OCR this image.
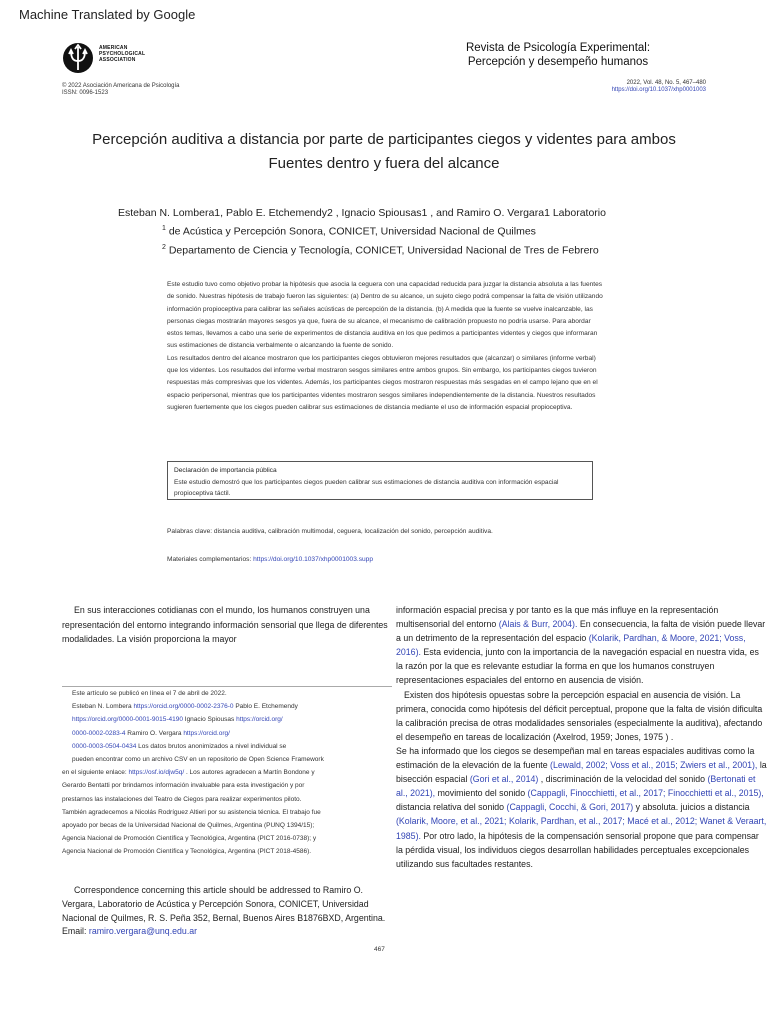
Machine Translated by Google
AMERICAN
PSYCHOLOGICAL
ASSOCIATION
Revista de Psicología Experimental:
Percepción y desempeño humanos
© 2022 Asociación Americana de Psicología
ISSN: 0096-1523
2022, Vol. 48, No. 5, 467–480
https://doi.org/10.1037/xhp0001003
Percepción auditiva a distancia por parte de participantes ciegos y videntes para ambos
Fuentes dentro y fuera del alcance
Esteban N. Lombera1, Pablo E. Etchemendy2 , Ignacio Spiousas1 , and Ramiro O. Vergara1 Laboratorio
$^1$ de Acústica y Percepción Sonora, CONICET, Universidad Nacional de Quilmes
$^2$ Departamento de Ciencia y Tecnología, CONICET, Universidad Nacional de Tres de Febrero

Este estudio tuvo como objetivo probar la hipótesis que asocia la ceguera con una capacidad reducida para juzgar la distancia absoluta a las fuentes de sonido. Nuestras hipótesis de trabajo fueron las siguientes: (a) Dentro de su alcance, un sujeto ciego podrá compensar la falta de visión utilizando información propioceptiva para calibrar las señales acústicas de percepción de la distancia. (b) A medida que la fuente se vuelve inalcanzable, las personas ciegas mostrarán mayores sesgos ya que, fuera de su alcance, el mecanismo de calibración propuesto no podría usarse. Para abordar estos temas, llevamos a cabo una serie de experimentos de distancia auditiva en los que pedimos a participantes videntes y ciegos que informaran sus estimaciones de distancia verbalmente o alcanzando la fuente de sonido.

Los resultados dentro del alcance mostraron que los participantes ciegos obtuvieron mejores resultados que (alcanzar) o similares (informe verbal) que los videntes. Los resultados del informe verbal mostraron sesgos similares entre ambos grupos. Sin embargo, los participantes ciegos tuvieron respuestas más compresivas que los videntes. Además, los participantes ciegos mostraron respuestas más sesgadas en el campo lejano que en el espacio peripersonal, mientras que los participantes videntes mostraron sesgos similares independientemente de la distancia. Nuestros resultados sugieren fuertemente que los ciegos pueden calibrar sus estimaciones de distancia mediante el uso de información espacial propioceptiva.

Declaración de importancia pública
Este estudio demostró que los participantes ciegos pueden calibrar sus estimaciones de distancia auditiva con información espacial propioceptiva táctil.
Palabras clave: distancia auditiva, calibración multimodal, ceguera, localización del sonido, percepción auditiva.
Materiales complementarios: https://doi.org/10.1037/xhp0001003.supp

En sus interacciones cotidianas con el mundo, los humanos construyen una representación del entorno integrando información sensorial que llega de diferentes modalidades. La visión proporciona la mayor

Este artículo se publicó en línea el 7 de abril de 2022.
Esteban N. Lombera https://orcid.org/0000-0002-2376-0 Pablo E. Etchemendy
https://orcid.org/0000-0001-9015-4190 Ignacio Spiousas https://orcid.org/
0000-0002-0283-4 Ramiro O. Vergara https://orcid.org/
0000-0003-0504-0434 Los datos brutos anonimizados a nivel individual se
pueden encontrar como un archivo CSV en un repositorio de Open Science Framework
en el siguiente enlace: https://osf.io/djw5q/ . Los autores agradecen a Martín Bondone y
Gerardo Bentatti por brindarnos información invaluable para esta investigación y por
prestarnos las instalaciones del Teatro de Ciegos para realizar experimentos piloto.
También agradecemos a Nicolás Rodríguez Altieri por su asistencia técnica. El trabajo fue
apoyado por becas de la Universidad Nacional de Quilmes, Argentina (PUNQ 1394/15);
Agencia Nacional de Promoción Científica y Tecnológica, Argentina (PICT 2016-0738); y
Agencia Nacional de Promoción Científica y Tecnológica, Argentina (PICT 2018-4586).

Correspondence concerning this article should be addressed to Ramiro O. Vergara, Laboratorio de Acústica y Percepción Sonora, CONICET, Universidad Nacional de Quilmes, R. S. Peña 352, Bernal, Buenos Aires B1876BXD, Argentina. Email: ramiro.vergara@unq.edu.ar

información espacial precisa y por tanto es la que más influye en la representación multisensorial del entorno (Alais & Burr, 2004). En consecuencia, la falta de visión puede llevar a un detrimento de la representación del espacio (Kolarik, Pardhan, & Moore, 2021; Voss, 2016). Esta evidencia, junto con la importancia de la navegación espacial en nuestra vida, es la razón por la que es relevante estudiar la forma en que los humanos construyen representaciones espaciales del entorno en ausencia de visión.

Existen dos hipótesis opuestas sobre la percepción espacial en ausencia de visión. La primera, conocida como hipótesis del déficit perceptual, propone que la falta de visión dificulta la calibración precisa de otras modalidades sensoriales (especialmente la auditiva), afectando el desempeño en tareas de localización (Axelrod, 1959; Jones, 1975 ) .

Se ha informado que los ciegos se desempeñan mal en tareas espaciales auditivas como la estimación de la elevación de la fuente (Lewald, 2002; Voss et al., 2015; Zwiers et al., 2001), la bisección espacial (Gori et al., 2014) , discriminación de la velocidad del sonido (Bertonati et al., 2021), movimiento del sonido (Cappagli, Finocchietti, et al., 2017; Finocchietti et al., 2015), distancia relativa del sonido (Cappagli, Cocchi, & Gori, 2017) y absoluta. juicios a distancia (Kolarik, Moore, et al., 2021; Kolarik, Pardhan, et al., 2017; Macé et al., 2012; Wanet & Veraart, 1985). Por otro lado, la hipótesis de la compensación sensorial propone que para compensar la pérdida visual, los individuos ciegos desarrollan habilidades perceptuales excepcionales utilizando sus facultades restantes.

467
